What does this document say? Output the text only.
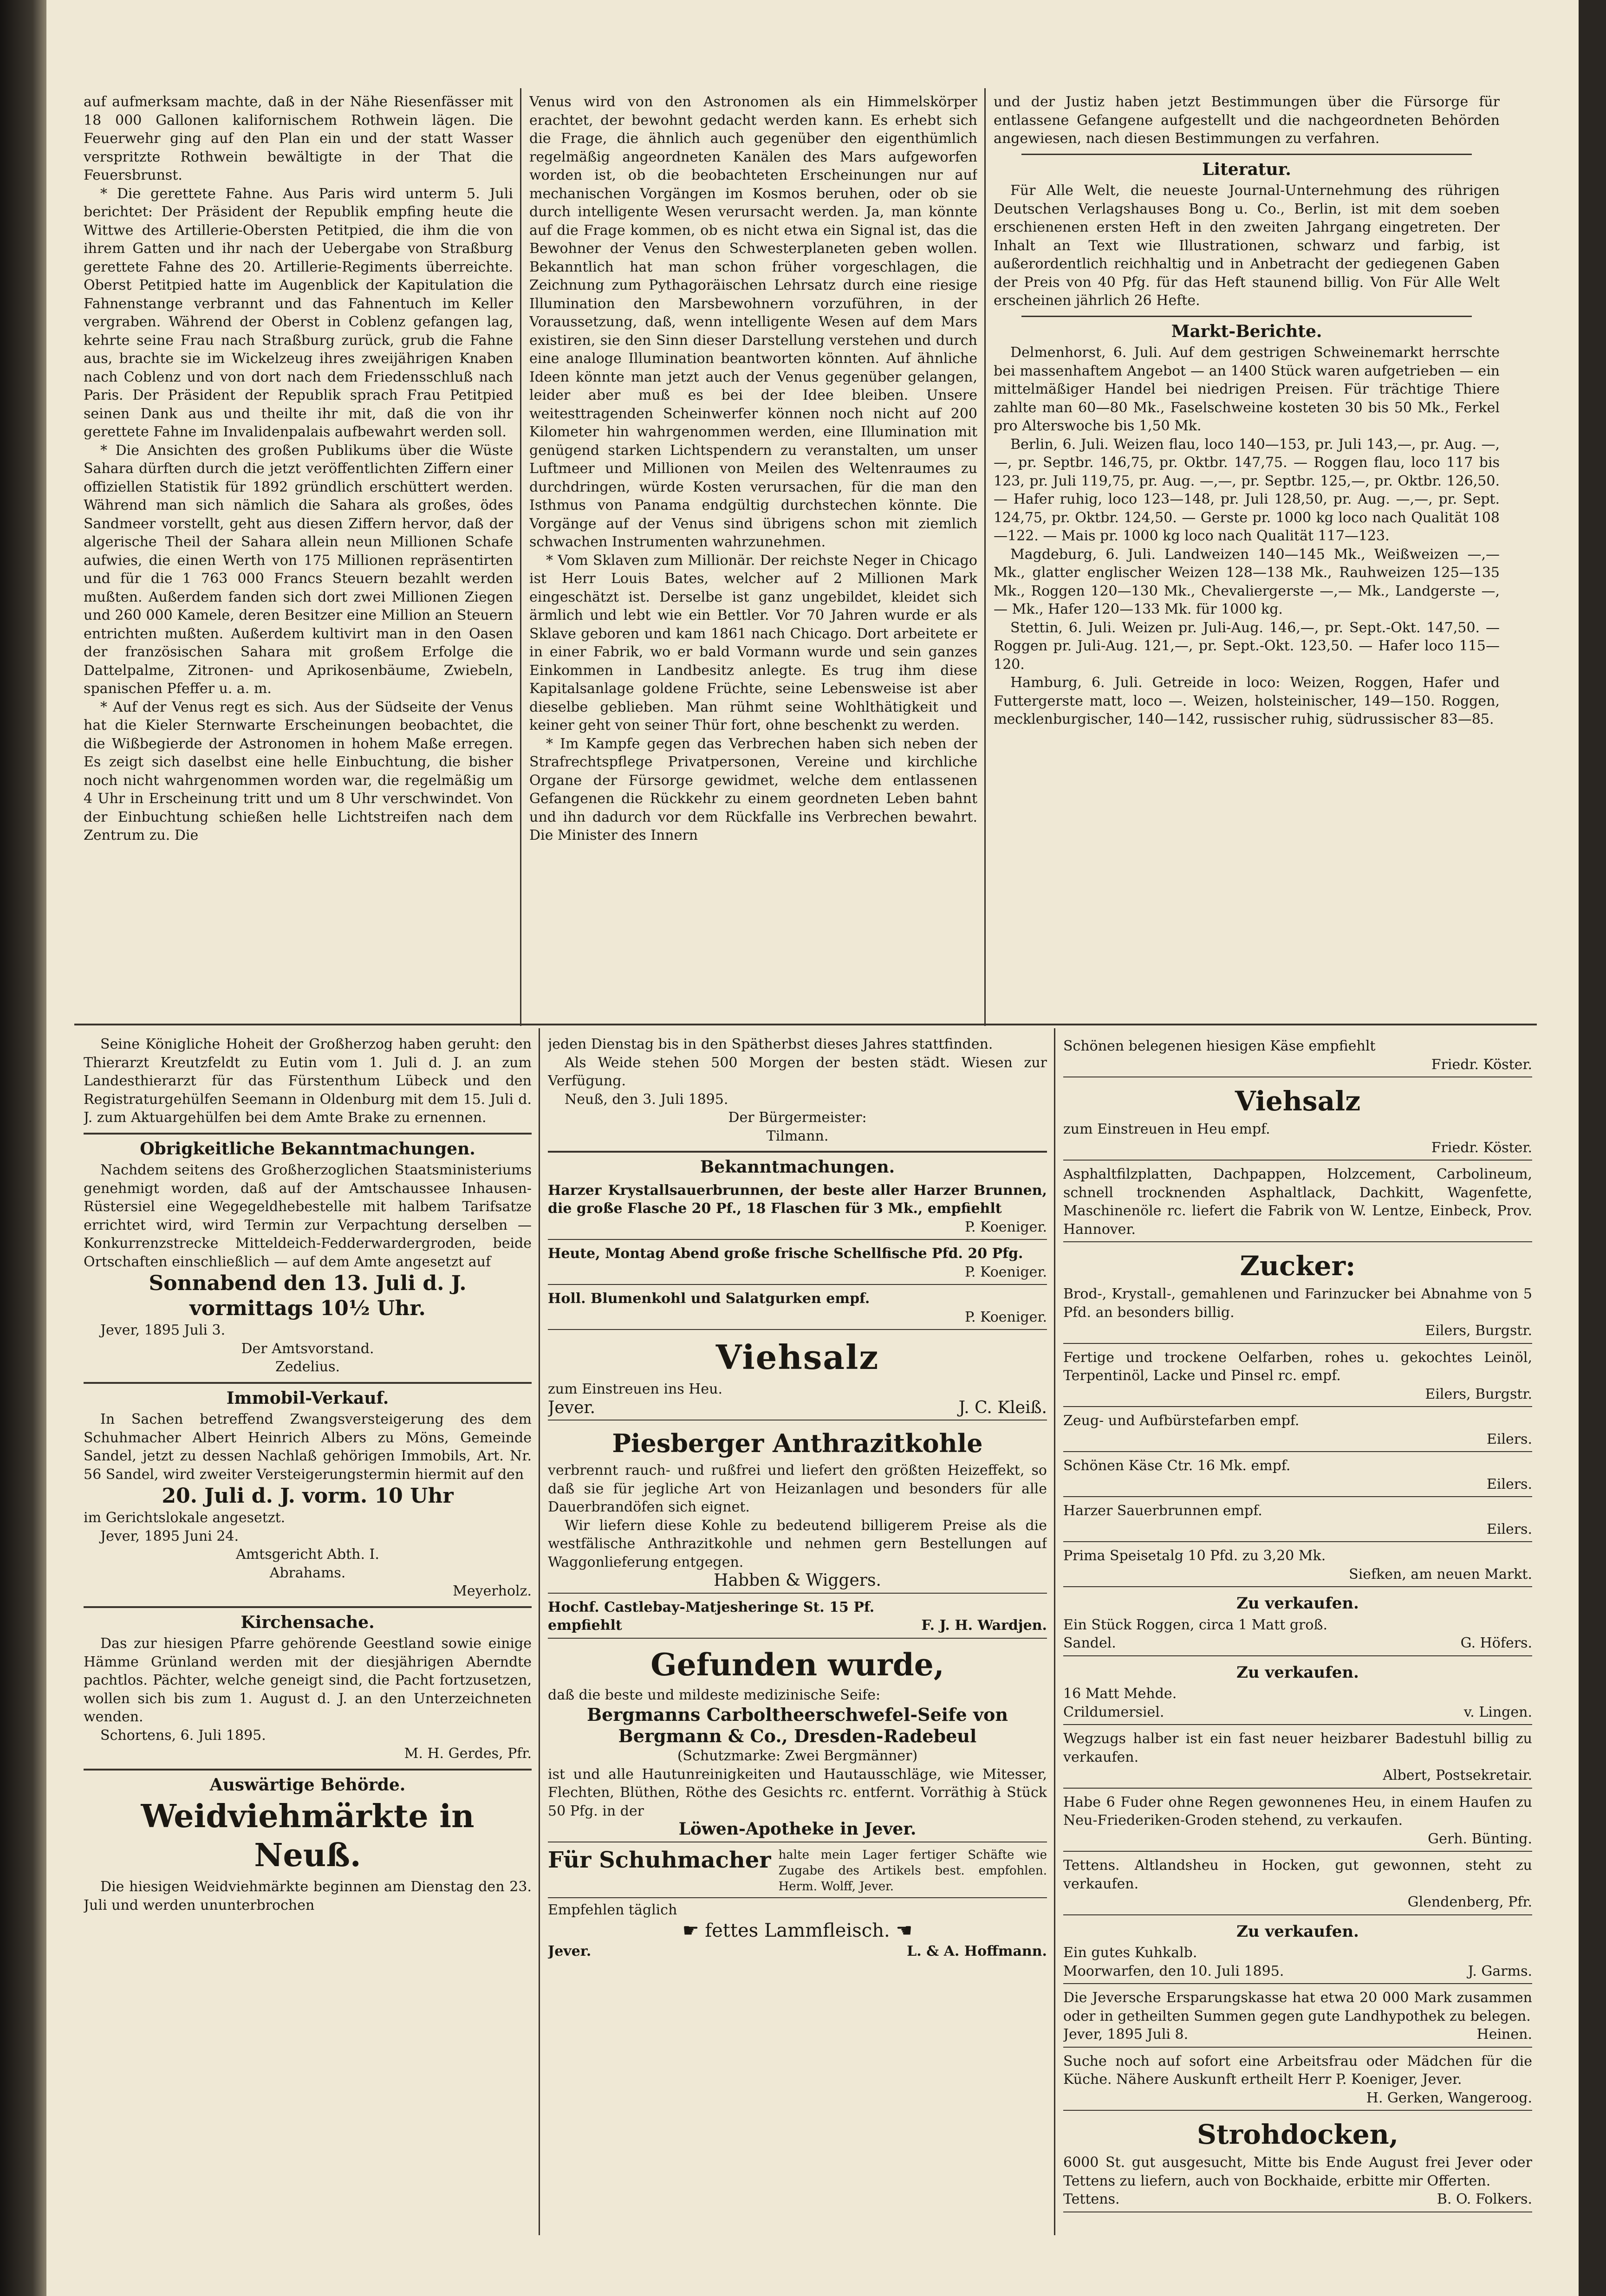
auf aufmerksam machte, daß in der Nähe Riesenfässer mit 18 000 Gallonen kalifornischem Rothwein lägen. Die Feuerwehr ging auf den Plan ein und der statt Wasser verspritzte Rothwein bewältigte in der That die Feuersbrunst.

* Die gerettete Fahne. Aus Paris wird unterm 5. Juli berichtet: Der Präsident der Republik empfing heute die Wittwe des Artillerie-Obersten Petitpied, die ihm die von ihrem Gatten und ihr nach der Uebergabe von Straßburg gerettete Fahne des 20. Artillerie-Regiments überreichte. Oberst Petitpied hatte im Augenblick der Kapitulation die Fahnenstange verbrannt und das Fahnentuch im Keller vergraben. Während der Oberst in Coblenz gefangen lag, kehrte seine Frau nach Straßburg zurück, grub die Fahne aus, brachte sie im Wickelzeug ihres zweijährigen Knaben nach Coblenz und von dort nach dem Friedensschluß nach Paris. Der Präsident der Republik sprach Frau Petitpied seinen Dank aus und theilte ihr mit, daß die von ihr gerettete Fahne im Invalidenpalais aufbewahrt werden soll.

* Die Ansichten des großen Publikums über die Wüste Sahara dürften durch die jetzt veröffentlichten Ziffern einer offiziellen Statistik für 1892 gründlich erschüttert werden. Während man sich nämlich die Sahara als großes, ödes Sandmeer vorstellt, geht aus diesen Ziffern hervor, daß der algerische Theil der Sahara allein neun Millionen Schafe aufwies, die einen Werth von 175 Millionen repräsentirten und für die 1 763 000 Francs Steuern bezahlt werden mußten. Außerdem fanden sich dort zwei Millionen Ziegen und 260 000 Kamele, deren Besitzer eine Million an Steuern entrichten mußten. Außerdem kultivirt man in den Oasen der französischen Sahara mit großem Erfolge die Dattelpalme, Zitronen- und Aprikosenbäume, Zwiebeln, spanischen Pfeffer u. a. m.

* Auf der Venus regt es sich. Aus der Südseite der Venus hat die Kieler Sternwarte Erscheinungen beobachtet, die die Wißbegierde der Astronomen in hohem Maße erregen. Es zeigt sich daselbst eine helle Einbuchtung, die bisher noch nicht wahrgenommen worden war, die regelmäßig um 4 Uhr in Erscheinung tritt und um 8 Uhr verschwindet. Von der Einbuchtung schießen helle Lichtstreifen nach dem Zentrum zu. Die

Venus wird von den Astronomen als ein Himmelskörper erachtet, der bewohnt gedacht werden kann. Es erhebt sich die Frage, die ähnlich auch gegenüber den eigenthümlich regelmäßig angeordneten Kanälen des Mars aufgeworfen worden ist, ob die beobachteten Erscheinungen nur auf mechanischen Vorgängen im Kosmos beruhen, oder ob sie durch intelligente Wesen verursacht werden. Ja, man könnte auf die Frage kommen, ob es nicht etwa ein Signal ist, das die Bewohner der Venus den Schwesterplaneten geben wollen. Bekanntlich hat man schon früher vorgeschlagen, die Zeichnung zum Pythagoräischen Lehrsatz durch eine riesige Illumination den Marsbewohnern vorzuführen, in der Voraussetzung, daß, wenn intelligente Wesen auf dem Mars existiren, sie den Sinn dieser Darstellung verstehen und durch eine analoge Illumination beantworten könnten. Auf ähnliche Ideen könnte man jetzt auch der Venus gegenüber gelangen, leider aber muß es bei der Idee bleiben. Unsere weitesttragenden Scheinwerfer können noch nicht auf 200 Kilometer hin wahrgenommen werden, eine Illumination mit genügend starken Lichtspendern zu veranstalten, um unser Luftmeer und Millionen von Meilen des Weltenraumes zu durchdringen, würde Kosten verursachen, für die man den Isthmus von Panama endgültig durchstechen könnte. Die Vorgänge auf der Venus sind übrigens schon mit ziemlich schwachen Instrumenten wahrzunehmen.

* Vom Sklaven zum Millionär. Der reichste Neger in Chicago ist Herr Louis Bates, welcher auf 2 Millionen Mark eingeschätzt ist. Derselbe ist ganz ungebildet, kleidet sich ärmlich und lebt wie ein Bettler. Vor 70 Jahren wurde er als Sklave geboren und kam 1861 nach Chicago. Dort arbeitete er in einer Fabrik, wo er bald Vormann wurde und sein ganzes Einkommen in Landbesitz anlegte. Es trug ihm diese Kapitalsanlage goldene Früchte, seine Lebensweise ist aber dieselbe geblieben. Man rühmt seine Wohlthätigkeit und keiner geht von seiner Thür fort, ohne beschenkt zu werden.

* Im Kampfe gegen das Verbrechen haben sich neben der Strafrechtspflege Privatpersonen, Vereine und kirchliche Organe der Fürsorge gewidmet, welche dem entlassenen Gefangenen die Rückkehr zu einem geordneten Leben bahnt und ihn dadurch vor dem Rückfalle ins Verbrechen bewahrt. Die Minister des Innern

und der Justiz haben jetzt Bestimmungen über die Fürsorge für entlassene Gefangene aufgestellt und die nachgeordneten Behörden angewiesen, nach diesen Bestimmungen zu verfahren.

Literatur.

Für Alle Welt, die neueste Journal-Unternehmung des rührigen Deutschen Verlagshauses Bong u. Co., Berlin, ist mit dem soeben erschienenen ersten Heft in den zweiten Jahrgang eingetreten. Der Inhalt an Text wie Illustrationen, schwarz und farbig, ist außerordentlich reichhaltig und in Anbetracht der gediegenen Gaben der Preis von 40 Pfg. für das Heft staunend billig. Von Für Alle Welt erscheinen jährlich 26 Hefte.

Markt-Berichte.

Delmenhorst, 6. Juli. Auf dem gestrigen Schweinemarkt herrschte bei massenhaftem Angebot — an 1400 Stück waren aufgetrieben — ein mittelmäßiger Handel bei niedrigen Preisen. Für trächtige Thiere zahlte man 60—80 Mk., Faselschweine kosteten 30 bis 50 Mk., Ferkel pro Alterswoche bis 1,50 Mk.

Berlin, 6. Juli. Weizen flau, loco 140—153, pr. Juli 143,—, pr. Aug. —,—, pr. Septbr. 146,75, pr. Oktbr. 147,75. — Roggen flau, loco 117 bis 123, pr. Juli 119,75, pr. Aug. —,—, pr. Septbr. 125,—, pr. Oktbr. 126,50. — Hafer ruhig, loco 123—148, pr. Juli 128,50, pr. Aug. —,—, pr. Sept. 124,75, pr. Oktbr. 124,50. — Gerste pr. 1000 kg loco nach Qualität 108—122. — Mais pr. 1000 kg loco nach Qualität 117—123.

Magdeburg, 6. Juli. Landweizen 140—145 Mk., Weißweizen —,— Mk., glatter englischer Weizen 128—138 Mk., Rauhweizen 125—135 Mk., Roggen 120—130 Mk., Chevaliergerste —,— Mk., Landgerste —,— Mk., Hafer 120—133 Mk. für 1000 kg.

Stettin, 6. Juli. Weizen pr. Juli-Aug. 146,—, pr. Sept.-Okt. 147,50. — Roggen pr. Juli-Aug. 121,—, pr. Sept.-Okt. 123,50. — Hafer loco 115—120.

Hamburg, 6. Juli. Getreide in loco: Weizen, Roggen, Hafer und Futtergerste matt, loco —. Weizen, holsteinischer, 149—150. Roggen, mecklenburgischer, 140—142, russischer ruhig, südrussischer 83—85.

Seine Königliche Hoheit der Großherzog haben geruht: den Thierarzt Kreutzfeldt zu Eutin vom 1. Juli d. J. an zum Landesthierarzt für das Fürstenthum Lübeck und den Registraturgehülfen Seemann in Oldenburg mit dem 15. Juli d. J. zum Aktuargehülfen bei dem Amte Brake zu ernennen.

Obrigkeitliche Bekanntmachungen.

Nachdem seitens des Großherzoglichen Staatsministeriums genehmigt worden, daß auf der Amtschaussee Inhausen-Rüstersiel eine Wegegeldhebestelle mit halbem Tarifsatze errichtet wird, wird Termin zur Verpachtung derselben — Konkurrenzstrecke Mitteldeich-Fedderwardergroden, beide Ortschaften einschließlich — auf dem Amte angesetzt auf

Sonnabend den 13. Juli d. J. vormittags 10½ Uhr.

Jever, 1895 Juli 3.

Der Amtsvorstand.
Zedelius.
Immobil-Verkauf.

In Sachen betreffend Zwangsversteigerung des dem Schuhmacher Albert Heinrich Albers zu Möns, Gemeinde Sandel, jetzt zu dessen Nachlaß gehörigen Immobils, Art. Nr. 56 Sandel, wird zweiter Versteigerungstermin hiermit auf den

20. Juli d. J. vorm. 10 Uhr

im Gerichtslokale angesetzt.

Jever, 1895 Juni 24.

Amtsgericht Abth. I.
Abrahams.
Meyerholz.
Kirchensache.

Das zur hiesigen Pfarre gehörende Geestland sowie einige Hämme Grünland werden mit der diesjährigen Aberndte pachtlos. Pächter, welche geneigt sind, die Pacht fortzusetzen, wollen sich bis zum 1. August d. J. an den Unterzeichneten wenden.

Schortens, 6. Juli 1895.

M. H. Gerdes, Pfr.
Auswärtige Behörde.
Weidviehmärkte in Neuß.

Die hiesigen Weidviehmärkte beginnen am Dienstag den 23. Juli und werden ununterbrochen

jeden Dienstag bis in den Spätherbst dieses Jahres stattfinden.

Als Weide stehen 500 Morgen der besten städt. Wiesen zur Verfügung.

Neuß, den 3. Juli 1895.

Der Bürgermeister:
Tilmann.
Bekanntmachungen.
Harzer Krystallsauerbrunnen, der beste aller Harzer Brunnen, die große Flasche 20 Pf., 18 Flaschen für 3 Mk., empfiehlt
P. Koeniger.
Heute, Montag Abend große frische Schellfische Pfd. 20 Pfg.
P. Koeniger.
Holl. Blumenkohl und Salatgurken empf.
P. Koeniger.
Viehsalz
zum Einstreuen ins Heu.
Jever.	J. C. Kleiß.
Piesberger Anthrazitkohle

verbrennt rauch- und rußfrei und liefert den größten Heizeffekt, so daß sie für jegliche Art von Heizanlagen und besonders für alle Dauerbrandöfen sich eignet.

Wir liefern diese Kohle zu bedeutend billigerem Preise als die westfälische Anthrazitkohle und nehmen gern Bestellungen auf Waggonlieferung entgegen.

Habben & Wiggers.
Hochf. Castlebay-Matjesheringe St. 15 Pf.
empfiehlt	F. J. H. Wardjen.
Gefunden wurde,

daß die beste und mildeste medizinische Seife:

Bergmanns Carboltheerschwefel-Seife von Bergmann & Co., Dresden-Radebeul
(Schutzmarke: Zwei Bergmänner)

ist und alle Hautunreinigkeiten und Hautausschläge, wie Mitesser, Flechten, Blüthen, Röthe des Gesichts rc. entfernt. Vorräthig à Stück 50 Pfg. in der

Löwen-Apotheke in Jever.
Für Schuhmacher halte mein Lager fertiger Schäfte wie Zugabe des Artikels best. empfohlen. Herm. Wolff, Jever.
Empfehlen täglich
☛ fettes Lammfleisch. ☚
Jever.	L. & A. Hoffmann.
Schönen belegenen hiesigen Käse empfiehlt
Friedr. Köster.
Viehsalz
zum Einstreuen in Heu empf.
Friedr. Köster.
Asphaltfilzplatten, Dachpappen, Holzcement, Carbolineum, schnell trocknenden Asphaltlack, Dachkitt, Wagenfette, Maschinenöle rc. liefert die Fabrik von W. Lentze, Einbeck, Prov. Hannover.
Zucker:
Brod-, Krystall-, gemahlenen und Farinzucker bei Abnahme von 5 Pfd. an besonders billig.
Eilers, Burgstr.
Fertige und trockene Oelfarben, rohes u. gekochtes Leinöl, Terpentinöl, Lacke und Pinsel rc. empf.
Eilers, Burgstr.
Zeug- und Aufbürstefarben empf.
Eilers.
Schönen Käse Ctr. 16 Mk. empf.
Eilers.
Harzer Sauerbrunnen empf.
Eilers.
Prima Speisetalg 10 Pfd. zu 3,20 Mk.
Siefken, am neuen Markt.
Zu verkaufen.
Ein Stück Roggen, circa 1 Matt groß.
Sandel.	G. Höfers.
Zu verkaufen.
16 Matt Mehde.
Crildumersiel.	v. Lingen.
Wegzugs halber ist ein fast neuer heizbarer Badestuhl billig zu verkaufen.
Albert, Postsekretair.
Habe 6 Fuder ohne Regen gewonnenes Heu, in einem Haufen zu Neu-Friederiken-Groden stehend, zu verkaufen.
Gerh. Bünting.
Tettens. Altlandsheu in Hocken, gut gewonnen, steht zu verkaufen.
Glendenberg, Pfr.
Zu verkaufen.
Ein gutes Kuhkalb.
Moorwarfen, den 10. Juli 1895.	J. Garms.
Die Jeversche Ersparungskasse hat etwa 20 000 Mark zusammen oder in getheilten Summen gegen gute Landhypothek zu belegen.
Jever, 1895 Juli 8.	Heinen.
Suche noch auf sofort eine Arbeitsfrau oder Mädchen für die Küche. Nähere Auskunft ertheilt Herr P. Koeniger, Jever.
H. Gerken, Wangeroog.
Strohdocken,
6000 St. gut ausgesucht, Mitte bis Ende August frei Jever oder Tettens zu liefern, auch von Bockhaide, erbitte mir Offerten.
Tettens.	B. O. Folkers.
